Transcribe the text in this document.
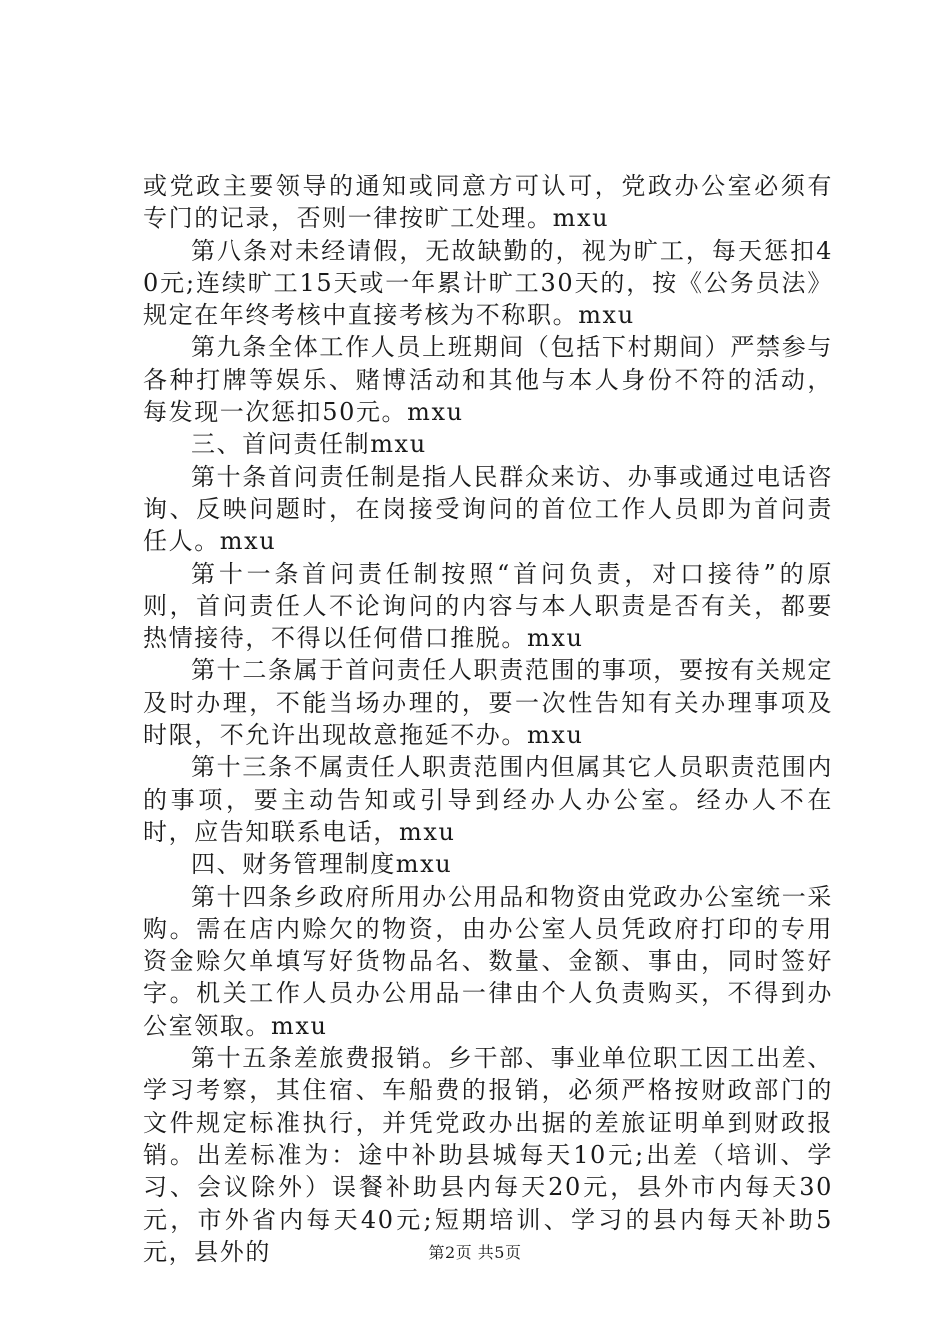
或党政主要领导的通知或同意方可认可，党政办公室必须有专门的记录，否则一律按旷工处理。mxu

第八条对未经请假，无故缺勤的，视为旷工，每天惩扣40元;连续旷工15天或一年累计旷工30天的，按《公务员法》规定在年终考核中直接考核为不称职。mxu

第九条全体工作人员上班期间（包括下村期间）严禁参与各种打牌等娱乐、赌博活动和其他与本人身份不符的活动，每发现一次惩扣50元。mxu

三、首问责任制mxu

第十条首问责任制是指人民群众来访、办事或通过电话咨询、反映问题时，在岗接受询问的首位工作人员即为首问责任人。mxu

第十一条首问责任制按照“首问负责，对口接待”的原则，首问责任人不论询问的内容与本人职责是否有关，都要热情接待，不得以任何借口推脱。mxu

第十二条属于首问责任人职责范围的事项，要按有关规定及时办理，不能当场办理的，要一次性告知有关办理事项及时限，不允许出现故意拖延不办。mxu

第十三条不属责任人职责范围内但属其它人员职责范围内的事项，要主动告知或引导到经办人办公室。经办人不在时，应告知联系电话，mxu

四、财务管理制度mxu

第十四条乡政府所用办公用品和物资由党政办公室统一采购。需在店内赊欠的物资，由办公室人员凭政府打印的专用资金赊欠单填写好货物品名、数量、金额、事由，同时签好字。机关工作人员办公用品一律由个人负责购买，不得到办公室领取。mxu

第十五条差旅费报销。乡干部、事业单位职工因工出差、学习考察，其住宿、车船费的报销，必须严格按财政部门的文件规定标准执行，并凭党政办出据的差旅证明单到财政报销。出差标准为：途中补助县城每天10元;出差（培训、学习、会议除外）误餐补助县内每天20元，县外市内每天30元，市外省内每天40元;短期培训、学习的县内每天补助5元，县外的	第2页 共5页
